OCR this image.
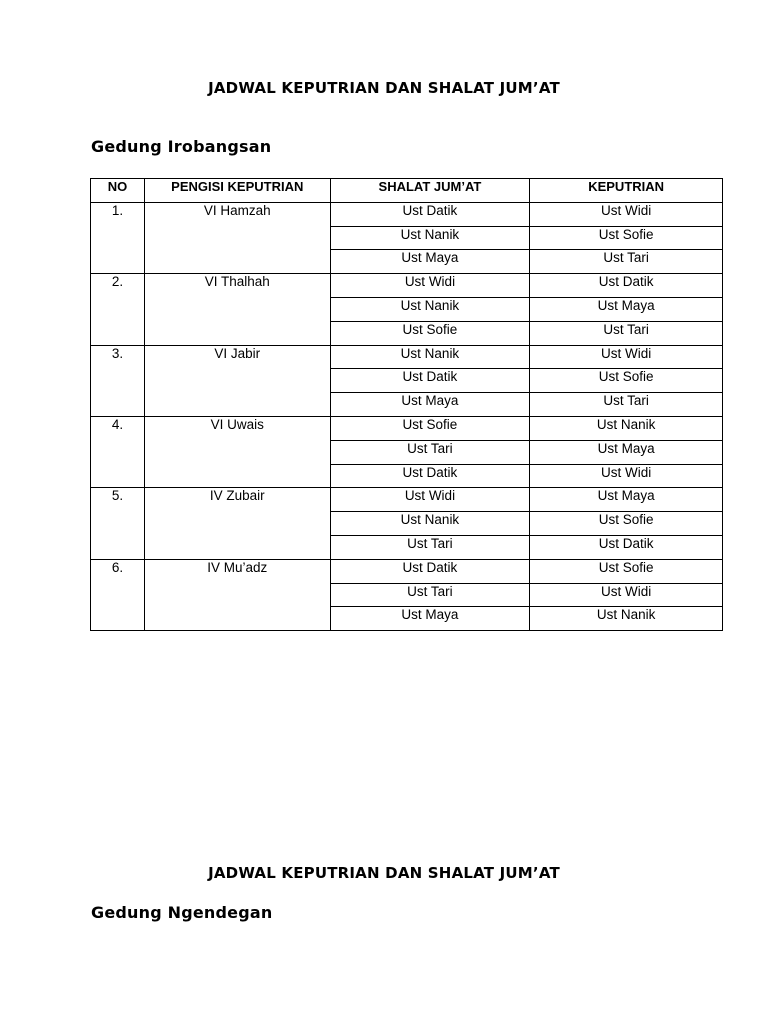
JADWAL KEPUTRIAN DAN SHALAT JUM’AT
Gedung Irobangsan
NO	PENGISI KEPUTRIAN	SHALAT JUM’AT	KEPUTRIAN
1.	VI Hamzah	Ust Datik	Ust Widi
		Ust Nanik	Ust Sofie
		Ust Maya	Ust Tari
2.	VI Thalhah	Ust Widi	Ust Datik
		Ust Nanik	Ust Maya
		Ust Sofie	Ust Tari
3.	VI Jabir	Ust Nanik	Ust Widi
		Ust Datik	Ust Sofie
		Ust Maya	Ust Tari
4.	VI Uwais	Ust Sofie	Ust Nanik
		Ust Tari	Ust Maya
		Ust Datik	Ust Widi
5.	IV Zubair	Ust Widi	Ust Maya
		Ust Nanik	Ust Sofie
		Ust Tari	Ust Datik
6.	IV Mu’adz	Ust Datik	Ust Sofie
		Ust Tari	Ust Widi
		Ust Maya	Ust Nanik
JADWAL KEPUTRIAN DAN SHALAT JUM’AT
Gedung Ngendegan
